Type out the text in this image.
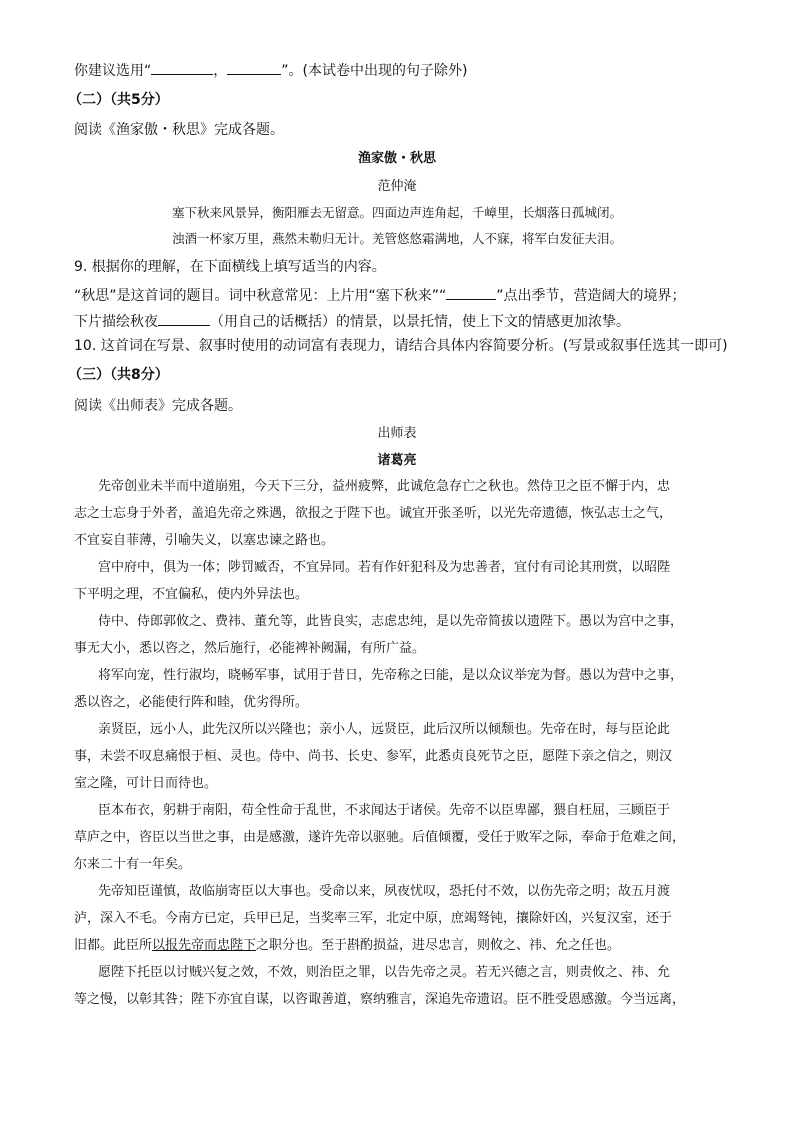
你建议选用“	，	”。(本试卷中出现的句子除外)
（二）（共5分）
阅读《渔家傲・秋思》完成各题。
渔家傲・秋思
范仲淹
塞下秋来风景异，衡阳雁去无留意。四面边声连角起，千嶂里，长烟落日孤城闭。
浊酒一杯家万里，燕然未勒归无计。羌管悠悠霜满地，人不寐，将军白发征夫泪。
9. 根据你的理解，在下面横线上填写适当的内容。
“秋思”是这首词的题目。词中秋意常见：上片用“塞下秋来”“	”点出季节，营造阔大的境界；
下片描绘秋夜	（用自己的话概括）的情景，以景托情，使上下文的情感更加浓挚。
10. 这首词在写景、叙事时使用的动词富有表现力，请结合具体内容简要分析。(写景或叙事任选其一即可)
（三）（共8分）
阅读《出师表》完成各题。
出师表
诸葛亮
先帝创业未半而中道崩殂，今天下三分，益州疲弊，此诚危急存亡之秋也。然侍卫之臣不懈于内，忠
志之士忘身于外者，盖追先帝之殊遇，欲报之于陛下也。诚宜开张圣听，以光先帝遗德，恢弘志士之气，
不宜妄自菲薄，引喻失义，以塞忠谏之路也。
宫中府中，俱为一体；陟罚臧否，不宜异同。若有作奸犯科及为忠善者，宜付有司论其刑赏，以昭陛
下平明之理，不宜偏私，使内外异法也。
侍中、侍郎郭攸之、费祎、董允等，此皆良实，志虑忠纯，是以先帝简拔以遗陛下。愚以为宫中之事，
事无大小，悉以咨之，然后施行，必能裨补阙漏，有所广益。
将军向宠，性行淑均，晓畅军事，试用于昔日，先帝称之曰能，是以众议举宠为督。愚以为营中之事，
悉以咨之，必能使行阵和睦，优劣得所。
亲贤臣，远小人，此先汉所以兴隆也；亲小人，远贤臣，此后汉所以倾颓也。先帝在时，每与臣论此
事，未尝不叹息痛恨于桓、灵也。侍中、尚书、长史、参军，此悉贞良死节之臣，愿陛下亲之信之，则汉
室之隆，可计日而待也。
臣本布衣，躬耕于南阳，苟全性命于乱世，不求闻达于诸侯。先帝不以臣卑鄙，猥自枉屈，三顾臣于
草庐之中，咨臣以当世之事，由是感激，遂许先帝以驱驰。后值倾覆，受任于败军之际，奉命于危难之间，
尔来二十有一年矣。
先帝知臣谨慎，故临崩寄臣以大事也。受命以来，夙夜忧叹，恐托付不效，以伤先帝之明；故五月渡
泸，深入不毛。今南方已定，兵甲已足，当奖率三军，北定中原，庶竭驽钝，攘除奸凶，兴复汉室，还于
旧都。此臣所以报先帝而忠陛下之职分也。至于斟酌损益，进尽忠言，则攸之、祎、允之任也。
愿陛下托臣以讨贼兴复之效，不效，则治臣之罪，以告先帝之灵。若无兴德之言，则责攸之、祎、允
等之慢，以彰其咎；陛下亦宜自谋，以咨诹善道，察纳雅言，深追先帝遗诏。臣不胜受恩感激。今当远离，
